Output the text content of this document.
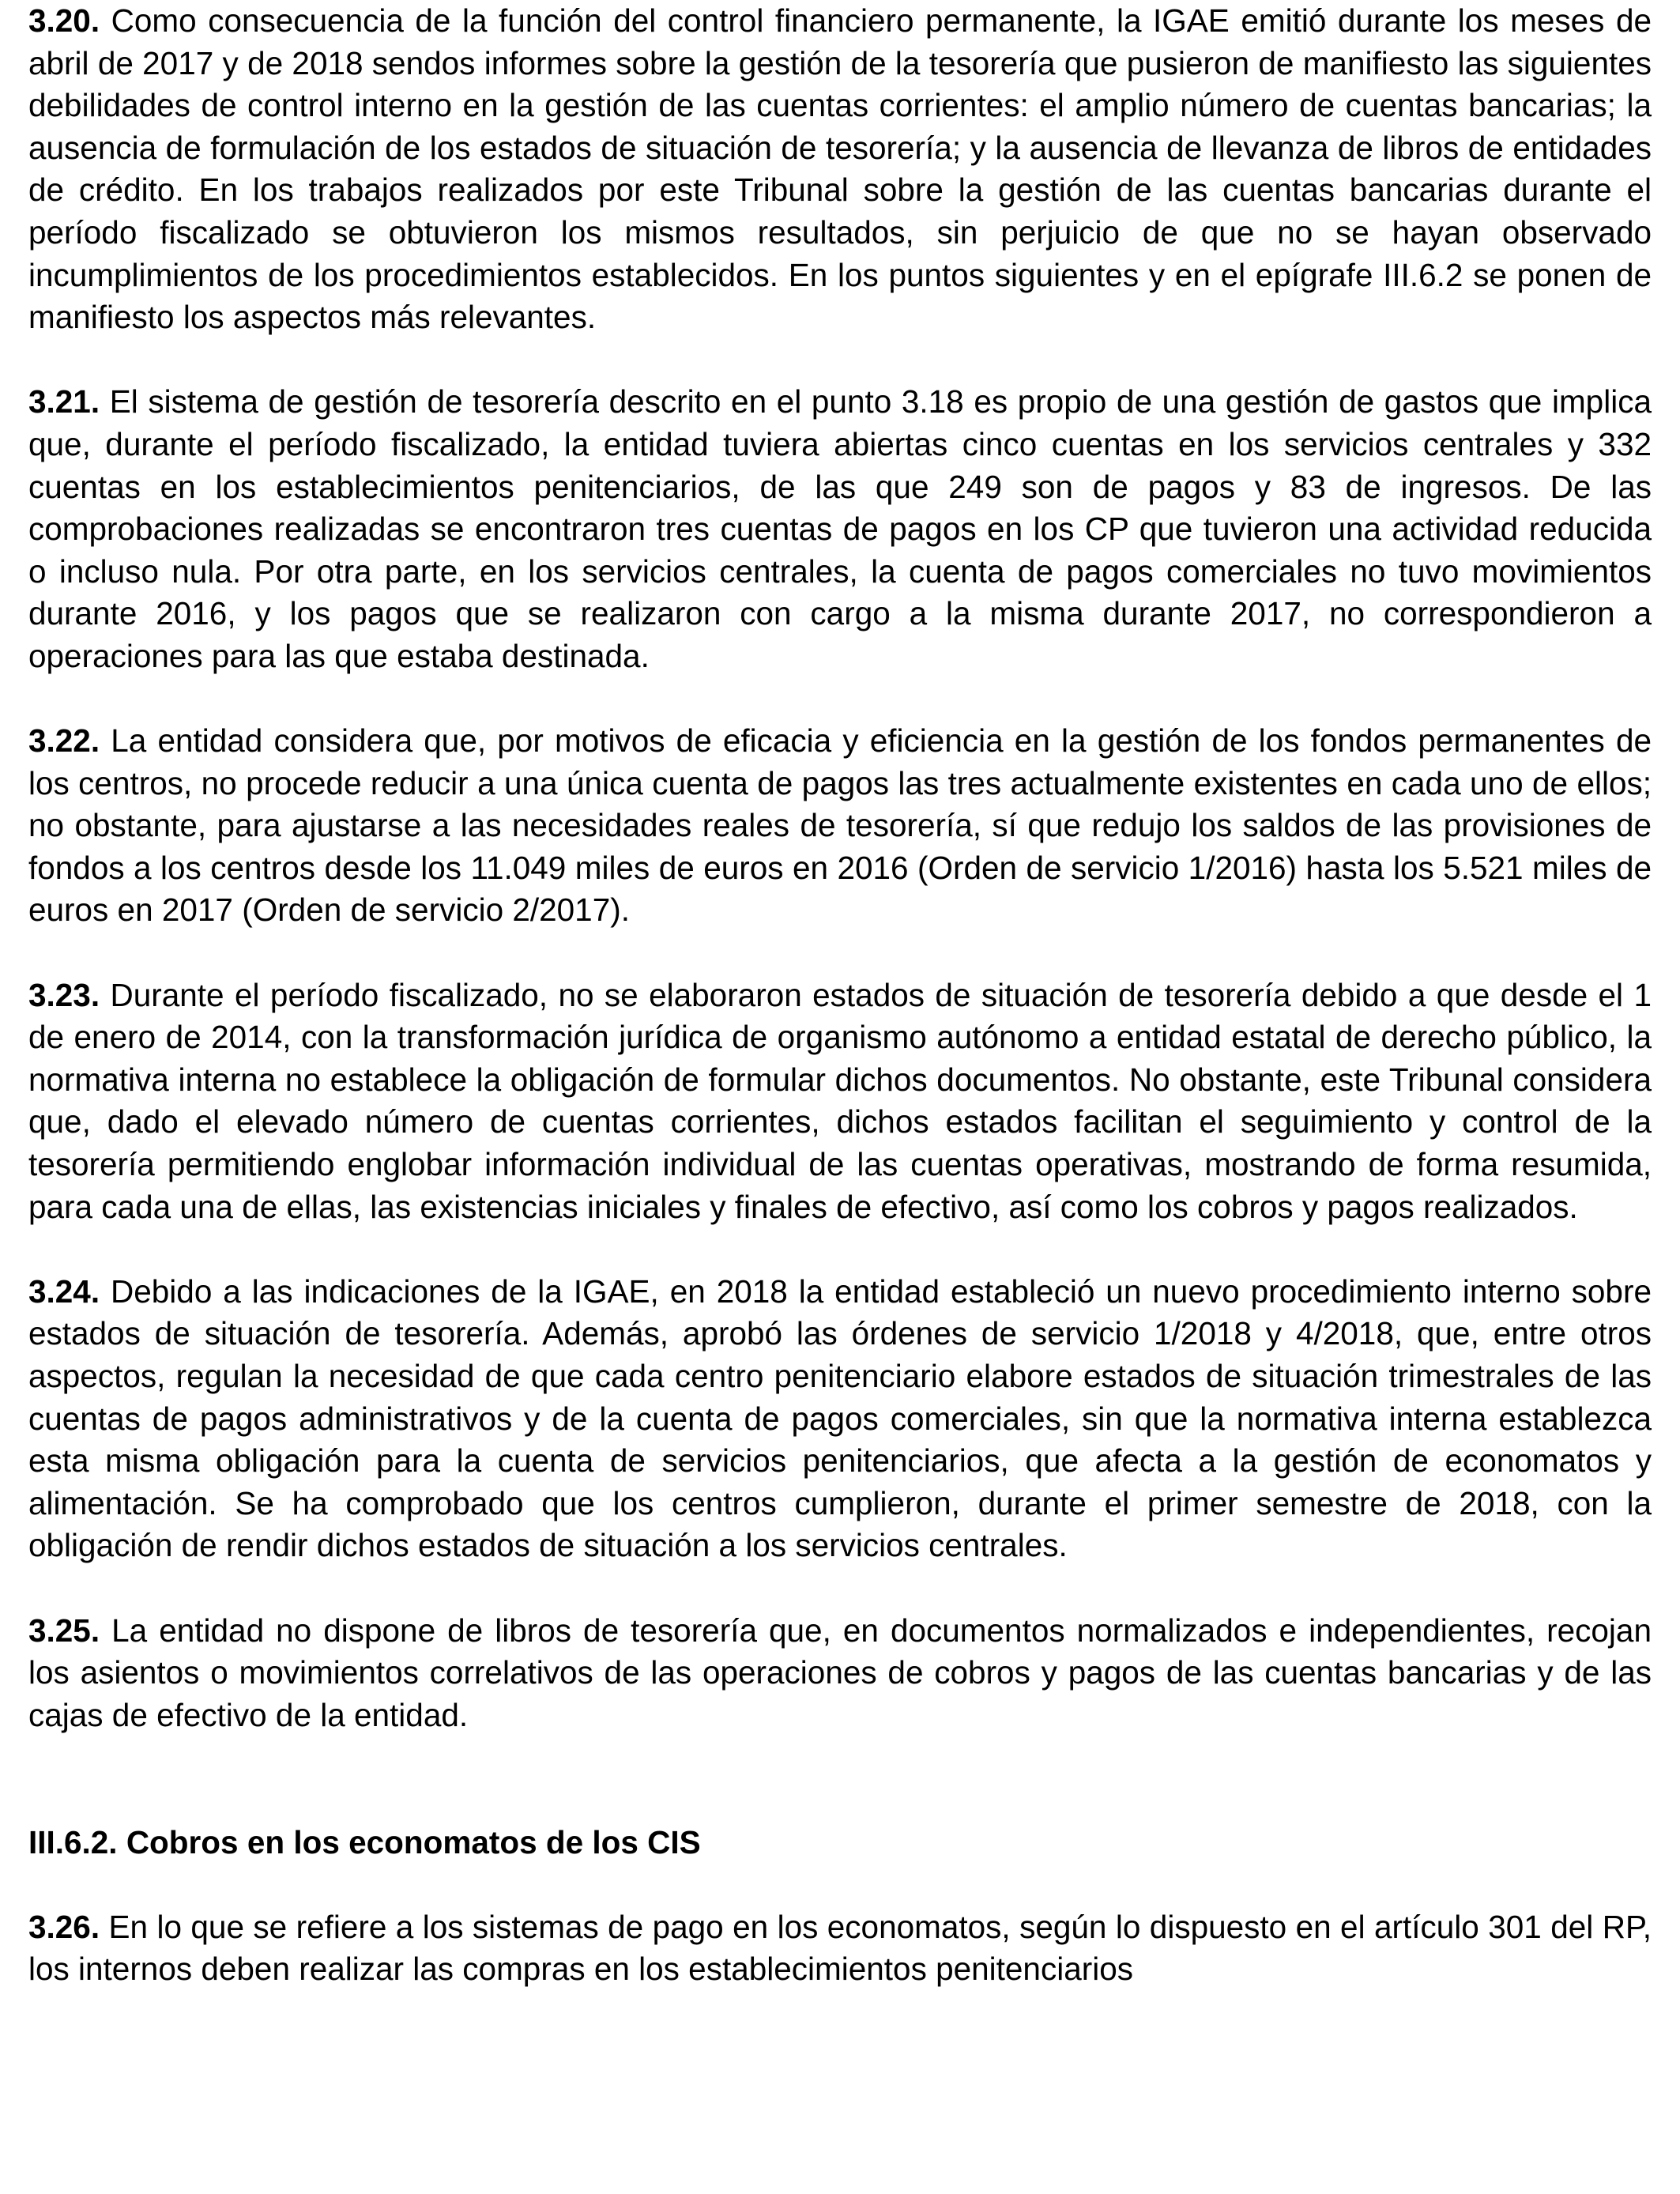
3.20. Como consecuencia de la función del control financiero permanente, la IGAE emitió durante los meses de abril de 2017 y de 2018 sendos informes sobre la gestión de la tesorería que pusieron de manifiesto las siguientes debilidades de control interno en la gestión de las cuentas corrientes: el amplio número de cuentas bancarias; la ausencia de formulación de los estados de situación de tesorería; y la ausencia de llevanza de libros de entidades de crédito. En los trabajos realizados por este Tribunal sobre la gestión de las cuentas bancarias durante el período fiscalizado se obtuvieron los mismos resultados, sin perjuicio de que no se hayan observado incumplimientos de los procedimientos establecidos. En los puntos siguientes y en el epígrafe III.6.2 se ponen de manifiesto los aspectos más relevantes.

3.21. El sistema de gestión de tesorería descrito en el punto 3.18 es propio de una gestión de gastos que implica que, durante el período fiscalizado, la entidad tuviera abiertas cinco cuentas en los servicios centrales y 332 cuentas en los establecimientos penitenciarios, de las que 249 son de pagos y 83 de ingresos. De las comprobaciones realizadas se encontraron tres cuentas de pagos en los CP que tuvieron una actividad reducida o incluso nula. Por otra parte, en los servicios centrales, la cuenta de pagos comerciales no tuvo movimientos durante 2016, y los pagos que se realizaron con cargo a la misma durante 2017, no correspondieron a operaciones para las que estaba destinada.

3.22. La entidad considera que, por motivos de eficacia y eficiencia en la gestión de los fondos permanentes de los centros, no procede reducir a una única cuenta de pagos las tres actualmente existentes en cada uno de ellos; no obstante, para ajustarse a las necesidades reales de tesorería, sí que redujo los saldos de las provisiones de fondos a los centros desde los 11.049 miles de euros en 2016 (Orden de servicio 1/2016) hasta los 5.521 miles de euros en 2017 (Orden de servicio 2/2017).

3.23. Durante el período fiscalizado, no se elaboraron estados de situación de tesorería debido a que desde el 1 de enero de 2014, con la transformación jurídica de organismo autónomo a entidad estatal de derecho público, la normativa interna no establece la obligación de formular dichos documentos. No obstante, este Tribunal considera que, dado el elevado número de cuentas corrientes, dichos estados facilitan el seguimiento y control de la tesorería permitiendo englobar información individual de las cuentas operativas, mostrando de forma resumida, para cada una de ellas, las existencias iniciales y finales de efectivo, así como los cobros y pagos realizados.

3.24. Debido a las indicaciones de la IGAE, en 2018 la entidad estableció un nuevo procedimiento interno sobre estados de situación de tesorería. Además, aprobó las órdenes de servicio 1/2018 y 4/2018, que, entre otros aspectos, regulan la necesidad de que cada centro penitenciario elabore estados de situación trimestrales de las cuentas de pagos administrativos y de la cuenta de pagos comerciales, sin que la normativa interna establezca esta misma obligación para la cuenta de servicios penitenciarios, que afecta a la gestión de economatos y alimentación. Se ha comprobado que los centros cumplieron, durante el primer semestre de 2018, con la obligación de rendir dichos estados de situación a los servicios centrales.

3.25. La entidad no dispone de libros de tesorería que, en documentos normalizados e independientes, recojan los asientos o movimientos correlativos de las operaciones de cobros y pagos de las cuentas bancarias y de las cajas de efectivo de la entidad.

III.6.2. Cobros en los economatos de los CIS

3.26. En lo que se refiere a los sistemas de pago en los economatos, según lo dispuesto en el artículo 301 del RP, los internos deben realizar las compras en los establecimientos penitenciarios
